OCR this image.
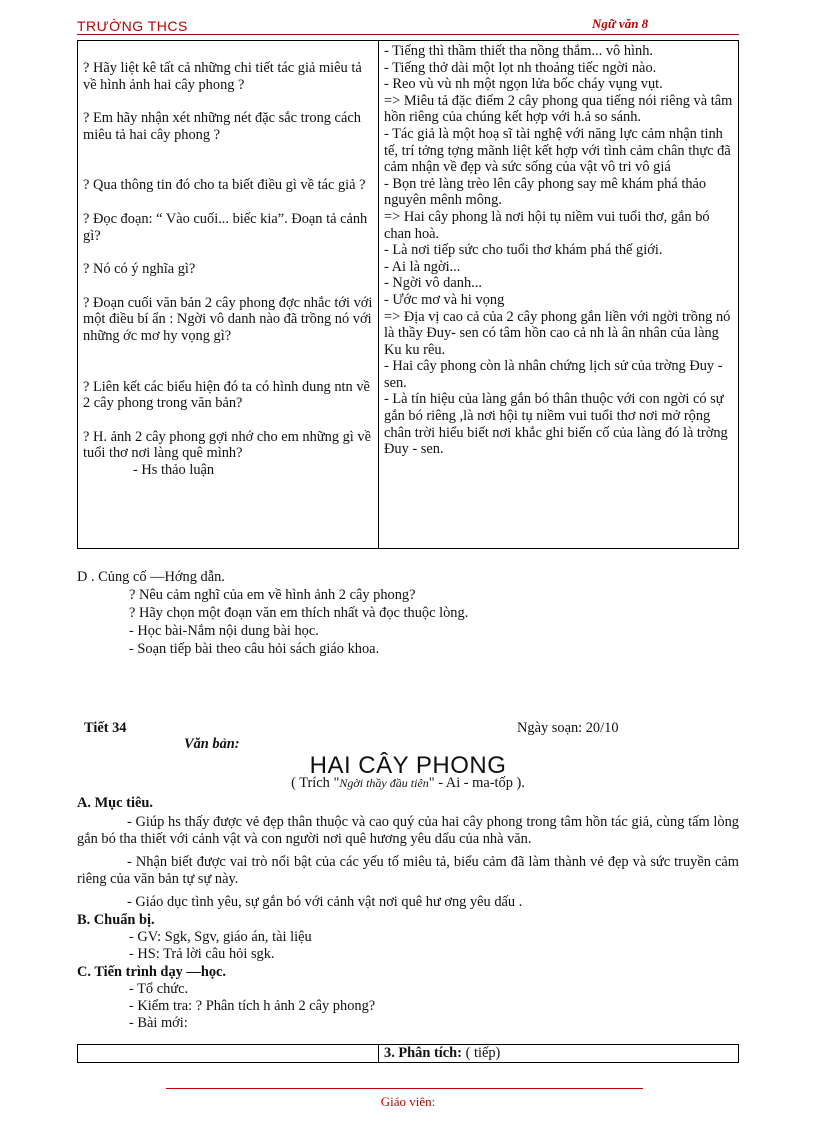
TRƯỜNG THCS	Ngữ văn 8
? Hãy liệt kê tất cả những chi tiết tác giả miêu tả về hình ảnh hai cây phong ?
? Em hãy nhận xét những nét đặc sắc trong cách miêu tả hai cây phong ?
? Qua thông tin đó cho ta biết điều gì về tác giả ?
? Đọc đoạn: “ Vào cuối... biếc kia”. Đoạn tả cảnh gì?
? Nó có ý nghĩa gì?
? Đoạn cuối văn bản 2 cây phong đợc nhắc tới với một điều bí ẩn : Ngời vô danh nào đã trồng nó với những ớc mơ hy vọng gì?
? Liên kết các biểu hiện đó ta có hình dung ntn về 2 cây phong trong văn bản?
? H. ảnh 2 cây phong gợi nhớ cho em những gì về tuổi thơ nơi làng quê mình?
- Hs thảo luận

- Tiếng thì thầm thiết tha nồng thắm... vô hình.
- Tiếng thở dài một lọt nh thoảng tiếc ngời nào.
- Reo vù vù nh một ngọn lửa bốc cháy vụng vụt.
=> Miêu tả đặc điểm 2 cây phong qua tiếng nói riêng và tâm hồn riêng của chúng kết hợp với h.ả so sánh.
- Tác giả là một hoạ sĩ tài nghệ với năng lực cảm nhận tinh tế, trí tởng tợng mãnh liệt kết hợp với tình cảm chân thực đã cảm nhận về đẹp và sức sống của vật vô tri vô giá
- Bọn trẻ làng trèo lên cây phong say mê khám phá thảo nguyên mênh mông.
=> Hai cây phong là nơi hội tụ niềm vui tuổi thơ, gắn bó chan hoà.
- Là nơi tiếp sức cho tuổi thơ khám phá thế giới.
- Ai là ngời...
- Ngời vô danh...
- Ước mơ và hi vọng
=> Địa vị cao cả của 2 cây phong gắn liền với ngời trồng nó là thầy Đuy- sen có tâm hồn cao cả nh là ân nhân của làng Ku ku rêu.
- Hai cây phong còn là nhân chứng lịch sử của trờng Đuy -sen.
- Là tín hiệu của làng gắn bó thân thuộc với con ngời có sự gắn bó riêng ,là nơi hội tụ niềm vui tuổi thơ nơi mở rộng chân trời hiểu biết nơi khắc ghi biến cố của làng đó là trờng Đuy - sen.
D . Củng cố —Hớng dẫn.
? Nêu cảm nghĩ của em về hình ảnh 2 cây phong?
? Hãy chọn một đoạn văn em thích nhất và đọc thuộc lòng.
- Học bài-Nắm nội dung bài học.
- Soạn tiếp bài theo câu hỏi sách giáo khoa.
Tiết 34	Ngày soạn: 20/10
Văn bản:
HAI CÂY PHONG
( Trích "Ngời thầy đầu tiên" - Ai - ma-tốp ).
A. Mục tiêu.
- Giúp hs thấy được vẻ đẹp thân thuộc và cao quý của hai cây phong trong tâm hồn tác giả, cùng tấm lòng gắn bó tha thiết với cảnh vật và con người nơi quê hương yêu dấu của nhà văn.
- Nhận biết được vai trò nổi bật của các yếu tố miêu tả, biểu cảm đã làm thành vẻ đẹp và sức truyền cảm riêng của văn bản tự sự này.
- Giáo dục tình yêu, sự gắn bó với cảnh vật nơi quê hư ơng yêu dấu .
B. Chuẩn bị.
- GV: Sgk, Sgv, giáo án, tài liệu
- HS: Trả lời câu hỏi sgk.
C. Tiến trình dạy —học.
- Tổ chức.
- Kiểm tra: ? Phân tích h ảnh 2 cây phong?
- Bài mới:
	3. Phân tích: ( tiếp)
Giáo viên:
